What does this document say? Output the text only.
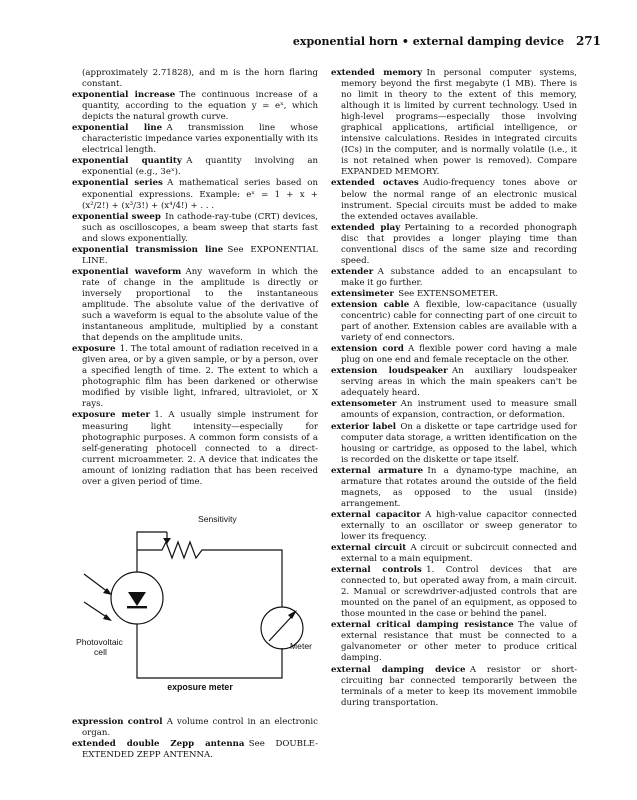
exponential horn • external damping device 271

(approximately 2.71828), and m is the horn flaring constant.

exponential increase  The continuous increase of a quantity, according to the equation y = eˣ, which depicts the natural growth curve.

exponential line  A transmission line whose characteristic impedance varies exponentially with its electrical length.

exponential quantity  A quantity involving an exponential (e.g., 3eˣ).

exponential series  A mathematical series based on exponential expressions. Example: eˣ = 1 + x + (x²/2!) + (x³/3!) + (x⁴/4!) + . . .

exponential sweep  In cathode-ray-tube (CRT) devices, such as oscilloscopes, a beam sweep that starts fast and slows exponentially.

exponential transmission line  See EXPONENTIAL LINE.

exponential waveform  Any waveform in which the rate of change in the amplitude is directly or inversely proportional to the instantaneous amplitude. The absolute value of the derivative of such a waveform is equal to the absolute value of the instantaneous amplitude, multiplied by a constant that depends on the amplitude units.

exposure  1. The total amount of radiation received in a given area, or by a given sample, or by a person, over a specified length of time. 2. The extent to which a photographic film has been darkened or otherwise modified by visible light, infrared, ultraviolet, or X rays.

exposure meter  1. A usually simple instrument for measuring light intensity—especially for photographic purposes. A common form consists of a self-generating photocell connected to a direct-current microammeter. 2. A device that indicates the amount of ionizing radiation that has been received over a given period of time.

Sensitivity
Photovoltaic
cell
Meter
exposure meter

expression control  A volume control in an electronic organ.

extended double Zepp antenna  See DOUBLE-EXTENDED ZEPP ANTENNA.

extended memory  In personal computer systems, memory beyond the first megabyte (1 MB). There is no limit in theory to the extent of this memory, although it is limited by current technology. Used in high-level programs—especially those involving graphical applications, artificial intelligence, or intensive calculations. Resides in integrated circuits (ICs) in the computer, and is normally volatile (i.e., it is not retained when power is removed). Compare EXPANDED MEMORY.

extended octaves  Audio-frequency tones above or below the normal range of an electronic musical instrument. Special circuits must be added to make the extended octaves available.

extended play  Pertaining to a recorded phonograph disc that provides a longer playing time than conventional discs of the same size and recording speed.

extender  A substance added to an encapsulant to make it go further.

extensimeter  See EXTENSOMETER.

extension cable  A flexible, low-capacitance (usually concentric) cable for connecting part of one circuit to part of another. Extension cables are available with a variety of end connectors.

extension cord  A flexible power cord having a male plug on one end and female receptacle on the other.

extension loudspeaker  An auxiliary loudspeaker serving areas in which the main speakers can't be adequately heard.

extensometer  An instrument used to measure small amounts of expansion, contraction, or deformation.

exterior label  On a diskette or tape cartridge used for computer data storage, a written identification on the housing or cartridge, as opposed to the label, which is recorded on the diskette or tape itself.

external armature  In a dynamo-type machine, an armature that rotates around the outside of the field magnets, as opposed to the usual (inside) arrangement.

external capacitor  A high-value capacitor connected externally to an oscillator or sweep generator to lower its frequency.

external circuit  A circuit or subcircuit connected and external to a main equipment.

external controls  1. Control devices that are connected to, but operated away from, a main circuit. 2. Manual or screwdriver-adjusted controls that are mounted on the panel of an equipment, as opposed to those mounted in the case or behind the panel.

external critical damping resistance  The value of external resistance that must be connected to a galvanometer or other meter to produce critical damping.

external damping device  A resistor or short-circuiting bar connected temporarily between the terminals of a meter to keep its movement immobile during transportation.
